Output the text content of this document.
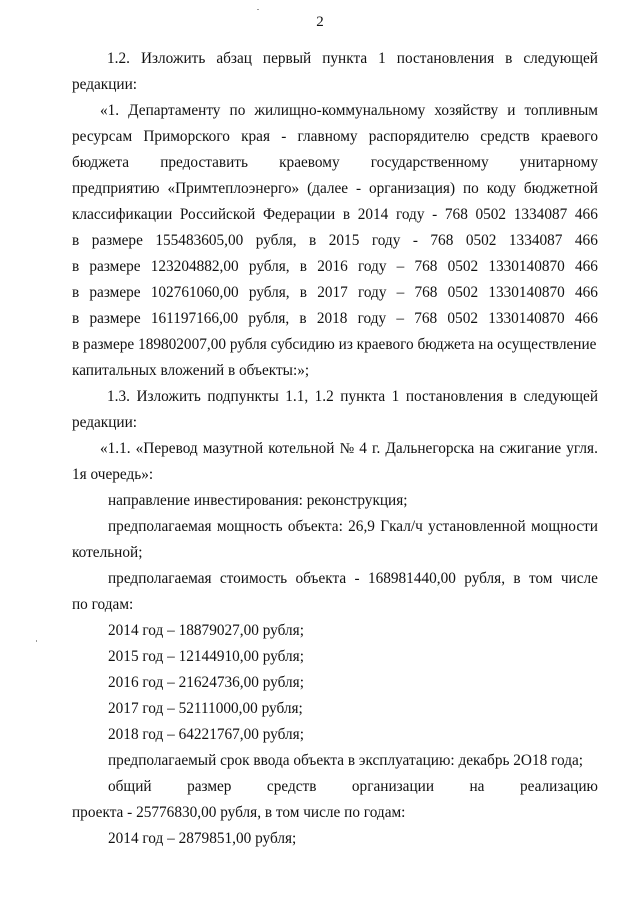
2
1.2. Изложить абзац первый пункта 1 постановления в следующей
редакции:
«1. Департаменту по жилищно-коммунальному хозяйству и топливным
ресурсам Приморского края - главному распорядителю средств краевого
бюджета предоставить краевому государственному унитарному
предприятию «Примтеплоэнерго» (далее - организация) по коду бюджетной
классификации Российской Федерации в 2014 году - 768 0502 1334087 466
в размере 155483605,00 рубля, в 2015 году - 768 0502 1334087 466
в размере 123204882,00 рубля, в 2016 году – 768 0502 1330140870 466
в размере 102761060,00 рубля, в 2017 году – 768 0502 1330140870 466
в размере 161197166,00 рубля, в 2018 году – 768 0502 1330140870 466
в размере 189802007,00 рубля субсидию из краевого бюджета на осуществление
капитальных вложений в объекты:»;
1.3. Изложить подпункты 1.1, 1.2 пункта 1 постановления в следующей
редакции:
«1.1. «Перевод мазутной котельной № 4 г. Дальнегорска на сжигание угля.
1я очередь»:
направление инвестирования: реконструкция;
предполагаемая мощность объекта: 26,9 Гкал/ч установленной мощности
котельной;
предполагаемая стоимость объекта - 168981440,00 рубля, в том числе
по годам:
2014 год – 18879027,00 рубля;
2015 год – 12144910,00 рубля;
2016 год – 21624736,00 рубля;
2017 год – 52111000,00 рубля;
2018 год – 64221767,00 рубля;
предполагаемый срок ввода объекта в эксплуатацию: декабрь 2О18 года;
общий размер средств организации на реализацию
проекта - 25776830,00 рубля, в том числе по годам:
2014 год – 2879851,00 рубля;
